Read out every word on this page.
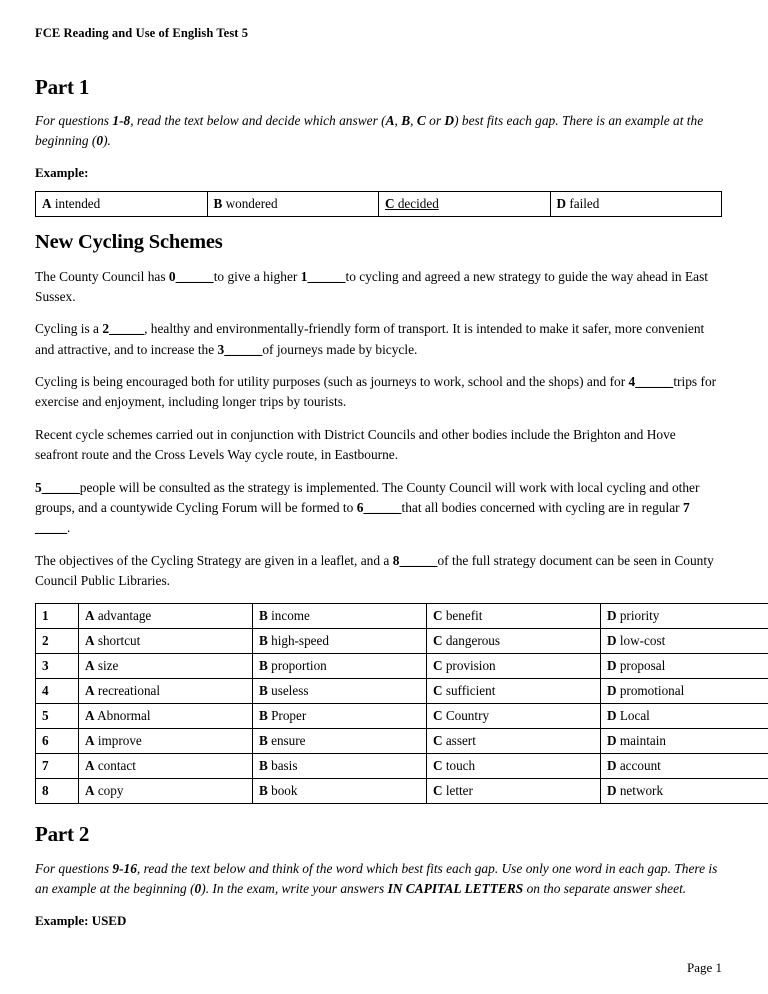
FCE Reading and Use of English Test 5
Part 1

For questions 1-8, read the text below and decide which answer (A, B, C or D) best fits each gap. There is an example at the beginning (0).

Example:
A intended	B wondered	C decided	D failed
New Cycling Schemes

The County Council has 0 _____ to give a higher 1 _____ to cycling and agreed a new strategy to guide the way ahead in East Sussex.

Cycling is a 2 _____, healthy and environmentally-friendly form of transport. It is intended to make it safer, more convenient and attractive, and to increase the 3 _____ of journeys made by bicycle.

Cycling is being encouraged both for utility purposes (such as journeys to work, school and the shops) and for 4 _____ trips for exercise and enjoyment, including longer trips by tourists.

Recent cycle schemes carried out in conjunction with District Councils and other bodies include the Brighton and Hove seafront route and the Cross Levels Way cycle route, in Eastbourne.

5 _____ people will be consulted as the strategy is implemented. The County Council will work with local cycling and other groups, and a countywide Cycling Forum will be formed to 6 _____ that all bodies concerned with cycling are in regular 7 _____.

The objectives of the Cycling Strategy are given in a leaflet, and a 8 _____ of the full strategy document can be seen in County Council Public Libraries.

1	A advantage	B income	C benefit	D priority
2	A shortcut	B high-speed	C dangerous	D low-cost
3	A size	B proportion	C provision	D proposal
4	A recreational	B useless	C sufficient	D promotional
5	A Abnormal	B Proper	C Country	D Local
6	A improve	B ensure	C assert	D maintain
7	A contact	B basis	C touch	D account
8	A copy	B book	C letter	D network
Part 2

For questions 9-16, read the text below and think of the word which best fits each gap. Use only one word in each gap. There is an example at the beginning (0). In the exam, write your answers IN CAPITAL LETTERS on tho separate answer sheet.

Example: USED
Page 1
